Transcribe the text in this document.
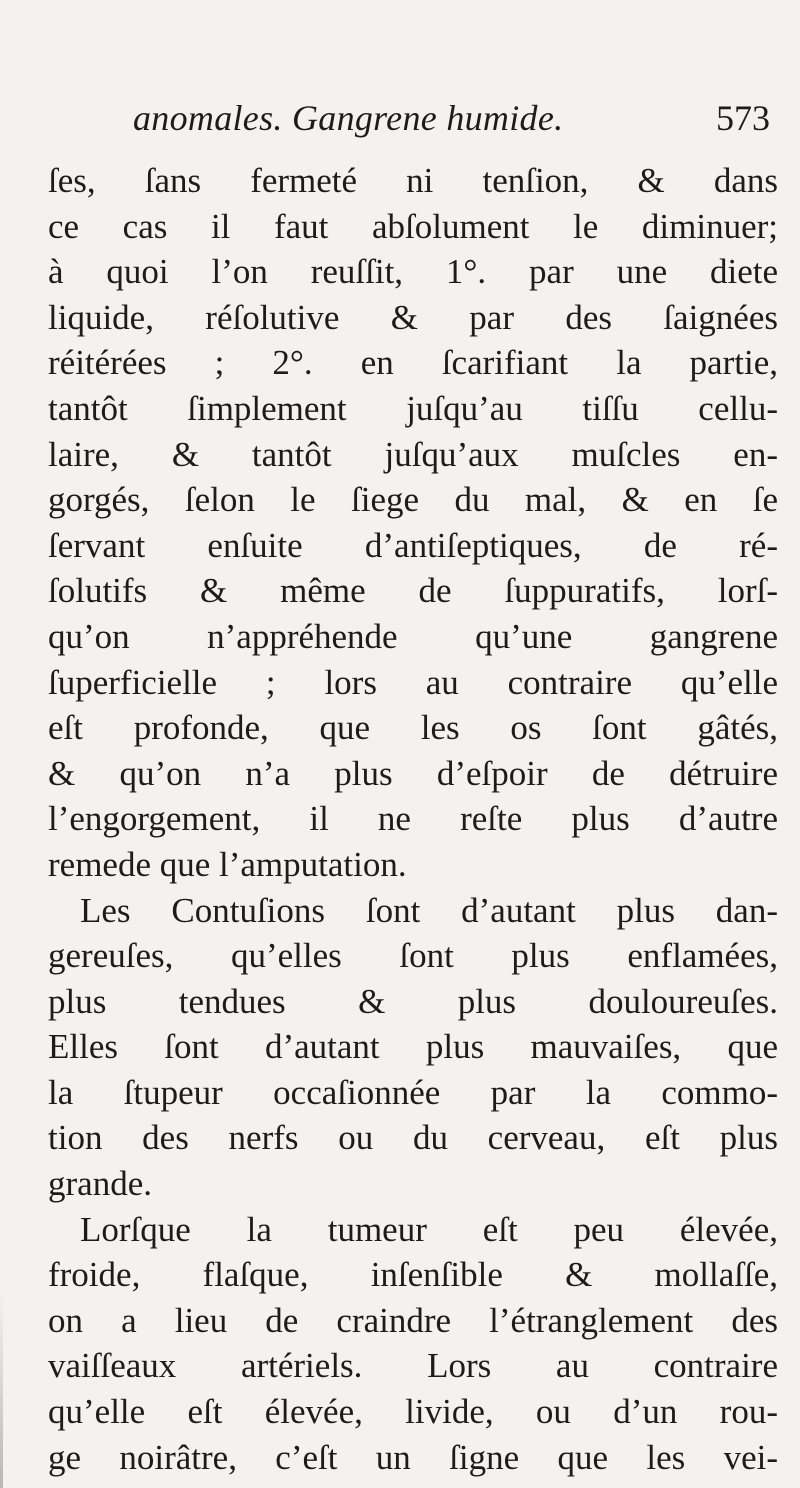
anomales. Gangrene humide.	573
ſes, ſans fermeté ni tenſion, & dans
ce cas il faut abſolument le diminuer;
à quoi l’on reuſſit, 1°. par une diete
liquide, réſolutive & par des ſaignées
réitérées ; 2°. en ſcarifiant la partie,
tantôt ſimplement juſqu’au tiſſu cellu-
laire, & tantôt juſqu’aux muſcles en-
gorgés, ſelon le ſiege du mal, & en ſe
ſervant enſuite d’antiſeptiques, de ré-
ſolutifs & même de ſuppuratifs, lorſ-
qu’on n’appréhende qu’une gangrene
ſuperficielle ; lors au contraire qu’elle
eſt profonde, que les os ſont gâtés,
& qu’on n’a plus d’eſpoir de détruire
l’engorgement, il ne reſte plus d’autre
remede que l’amputation.
Les Contuſions ſont d’autant plus dan-
gereuſes, qu’elles ſont plus enflamées,
plus tendues & plus douloureuſes.
Elles ſont d’autant plus mauvaiſes, que
la ſtupeur occaſionnée par la commo-
tion des nerfs ou du cerveau, eſt plus
grande.
Lorſque la tumeur eſt peu élevée,
froide, flaſque, inſenſible & mollaſſe,
on a lieu de craindre l’étranglement des
vaiſſeaux artériels. Lors au contraire
qu’elle eſt élevée, livide, ou d’un rou-
ge noirâtre, c’eſt un ſigne que les vei-
